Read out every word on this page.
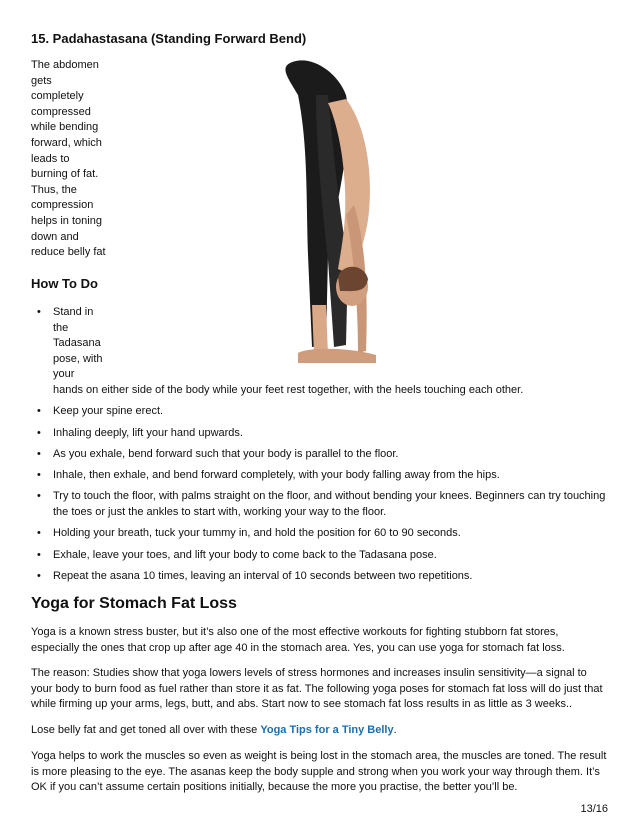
15. Padahastasana (Standing Forward Bend)
The abdomen
gets
completely
compressed
while bending
forward, which
leads to
burning of fat.
Thus, the
compression
helps in toning
down and
reduce belly fat
How To Do
• Stand in
the
Tadasana
pose, with
your
hands on either side of the body while your feet rest together, with the heels touching each other.
• Keep your spine erect.
• Inhaling deeply, lift your hand upwards.
• As you exhale, bend forward such that your body is parallel to the floor.
• Inhale, then exhale, and bend forward completely, with your body falling away from the hips.
• Try to touch the floor, with palms straight on the floor, and without bending your knees. Beginners can try touching the toes or just the ankles to start with, working your way to the floor.
• Holding your breath, tuck your tummy in, and hold the position for 60 to 90 seconds.
• Exhale, leave your toes, and lift your body to come back to the Tadasana pose.
• Repeat the asana 10 times, leaving an interval of 10 seconds between two repetitions.
Yoga for Stomach Fat Loss

Yoga is a known stress buster, but it’s also one of the most effective workouts for fighting stubborn fat stores, especially the ones that crop up after age 40 in the stomach area. Yes, you can use yoga for stomach fat loss.

The reason: Studies show that yoga lowers levels of stress hormones and increases insulin sensitivity—a signal to your body to burn food as fuel rather than store it as fat. The following yoga poses for stomach fat loss will do just that while firming up your arms, legs, butt, and abs. Start now to see stomach fat loss results in as little as 3 weeks..

Lose belly fat and get toned all over with these Yoga Tips for a Tiny Belly.

Yoga helps to work the muscles so even as weight is being lost in the stomach area, the muscles are toned. The result is more pleasing to the eye. The asanas keep the body supple and strong when you work your way through them. It’s OK if you can’t assume certain positions initially, because the more you practise, the better you’ll be.

13/16
